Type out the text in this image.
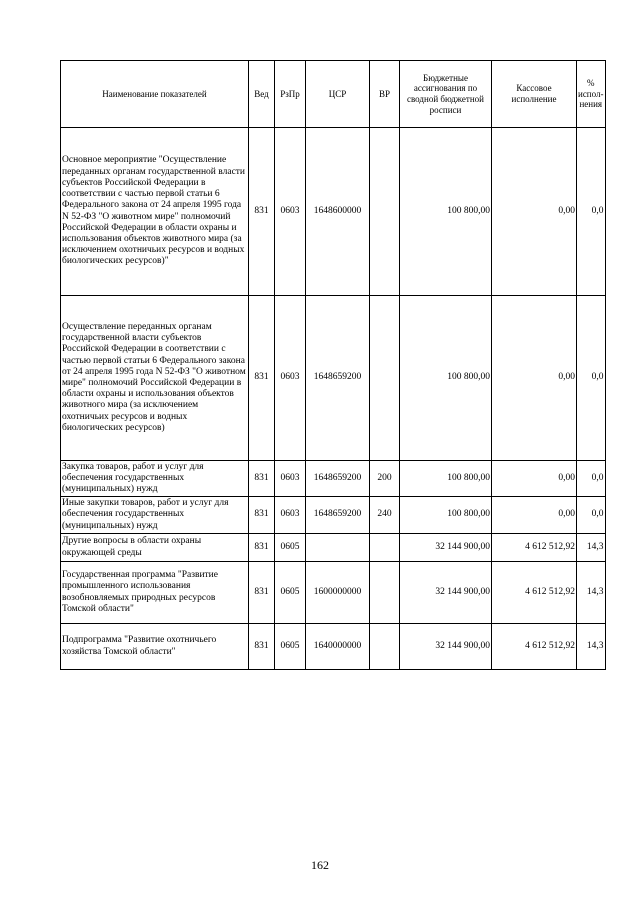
Наименование показателей	Вед	РзПр	ЦСР	ВР	Бюджетные ассигнования по сводной бюджетной росписи	Кассовое исполнение	% испол-нения
Основное мероприятие "Осуществление переданных органам государственной власти субъектов Российской Федерации в соответствии с частью первой статьи 6 Федерального закона от 24 апреля 1995 года N 52-ФЗ "О животном мире" полномочий Российской Федерации в области охраны и использования объектов животного мира (за исключением охотничьих ресурсов и водных биологических ресурсов)"	831	0603	1648600000		100 800,00	0,00	0,0
Осуществление переданных органам государственной власти субъектов Российской Федерации в соответствии с частью первой статьи 6 Федерального закона от 24 апреля 1995 года N 52-ФЗ "О животном мире" полномочий Российской Федерации в области охраны и использования объектов животного мира (за исключением охотничьих ресурсов и водных биологических ресурсов)	831	0603	1648659200		100 800,00	0,00	0,0
Закупка товаров, работ и услуг для обеспечения государственных (муниципальных) нужд	831	0603	1648659200	200	100 800,00	0,00	0,0
Иные закупки товаров, работ и услуг для обеспечения государственных (муниципальных) нужд	831	0603	1648659200	240	100 800,00	0,00	0,0
Другие вопросы в области охраны окружающей среды	831	0605			32 144 900,00	4 612 512,92	14,3
Государственная программа "Развитие промышленного использования возобновляемых природных ресурсов Томской области"	831	0605	1600000000		32 144 900,00	4 612 512,92	14,3
Подпрограмма "Развитие охотничьего хозяйства Томской области"	831	0605	1640000000		32 144 900,00	4 612 512,92	14,3
162
